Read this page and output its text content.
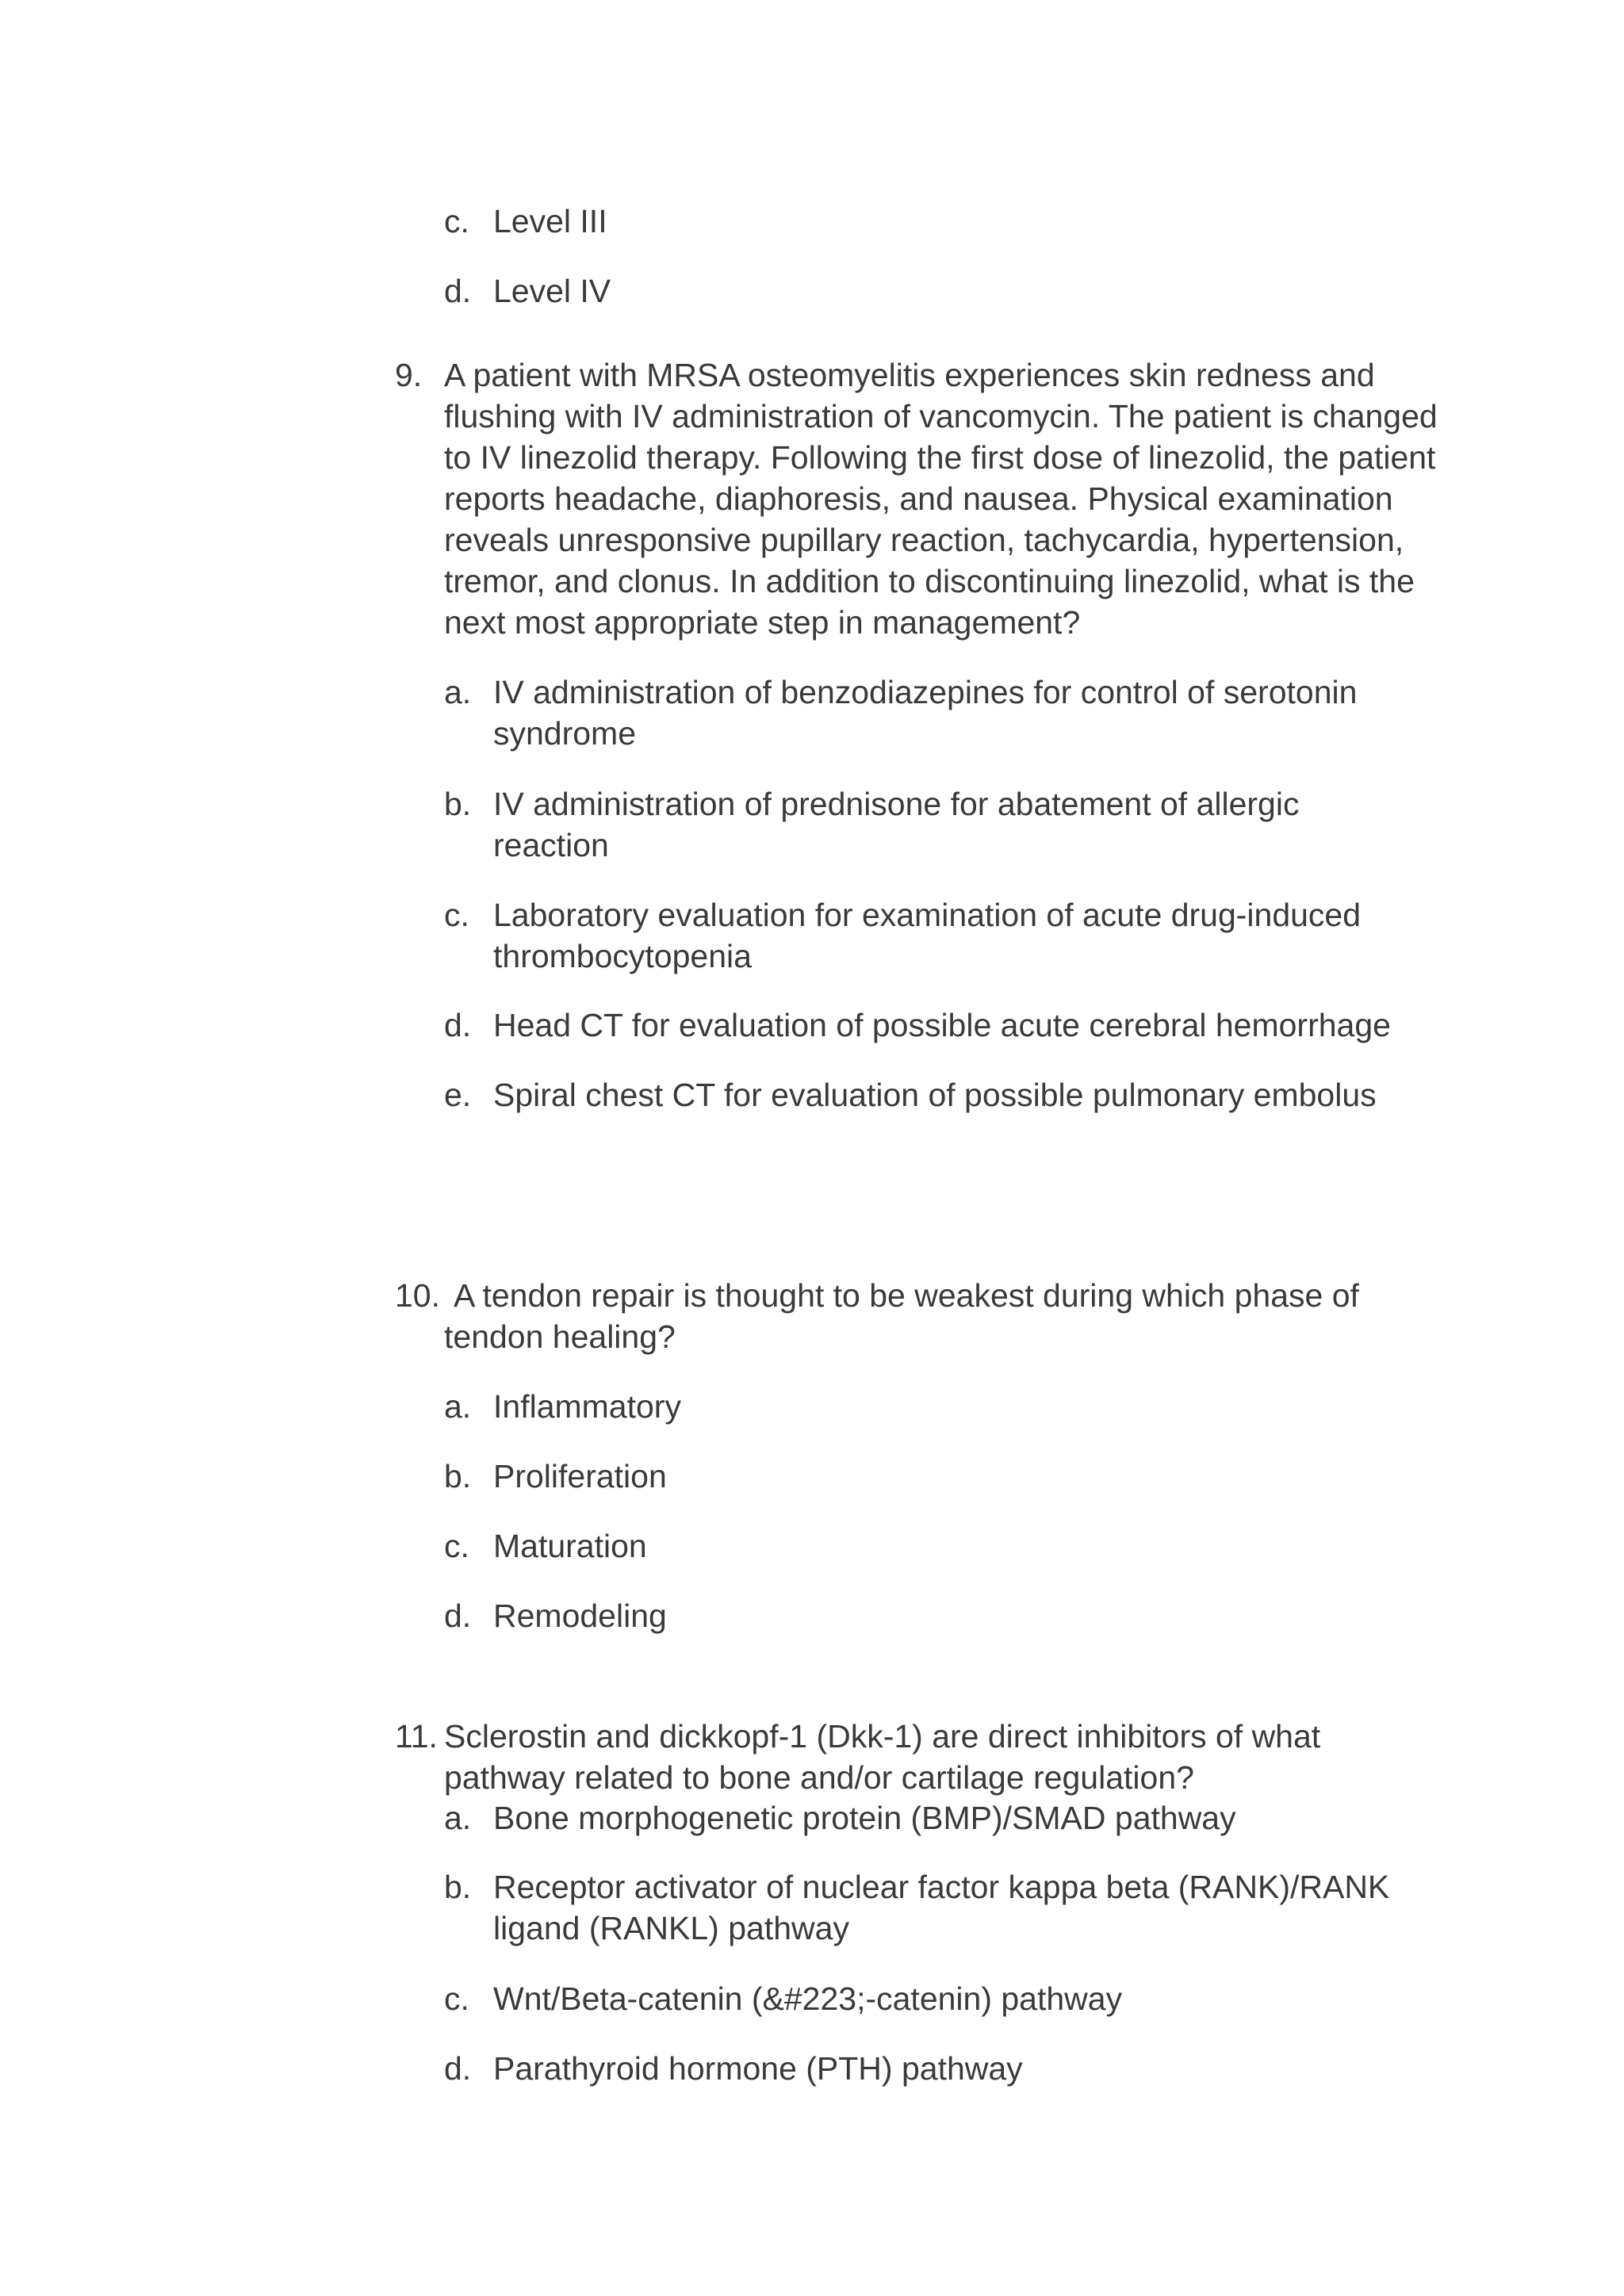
c. Level III
d. Level IV
9. A patient with MRSA osteomyelitis experiences skin redness and flushing with IV administration of vancomycin. The patient is changed to IV linezolid therapy. Following the first dose of linezolid, the patient reports headache, diaphoresis, and nausea. Physical examination reveals unresponsive pupillary reaction, tachycardia, hypertension, tremor, and clonus. In addition to discontinuing linezolid, what is the next most appropriate step in management?
a. IV administration of benzodiazepines for control of serotonin syndrome
b. IV administration of prednisone for abatement of allergic reaction
c. Laboratory evaluation for examination of acute drug-induced thrombocytopenia
d. Head CT for evaluation of possible acute cerebral hemorrhage
e. Spiral chest CT for evaluation of possible pulmonary embolus
10. A tendon repair is thought to be weakest during which phase of tendon healing?
a. Inflammatory
b. Proliferation
c. Maturation
d. Remodeling
11. Sclerostin and dickkopf-1 (Dkk-1) are direct inhibitors of what pathway related to bone and/or cartilage regulation?
a. Bone morphogenetic protein (BMP)/SMAD pathway
b. Receptor activator of nuclear factor kappa beta (RANK)/RANK ligand (RANKL) pathway
c. Wnt/Beta-catenin (&#223;-catenin) pathway
d. Parathyroid hormone (PTH) pathway
